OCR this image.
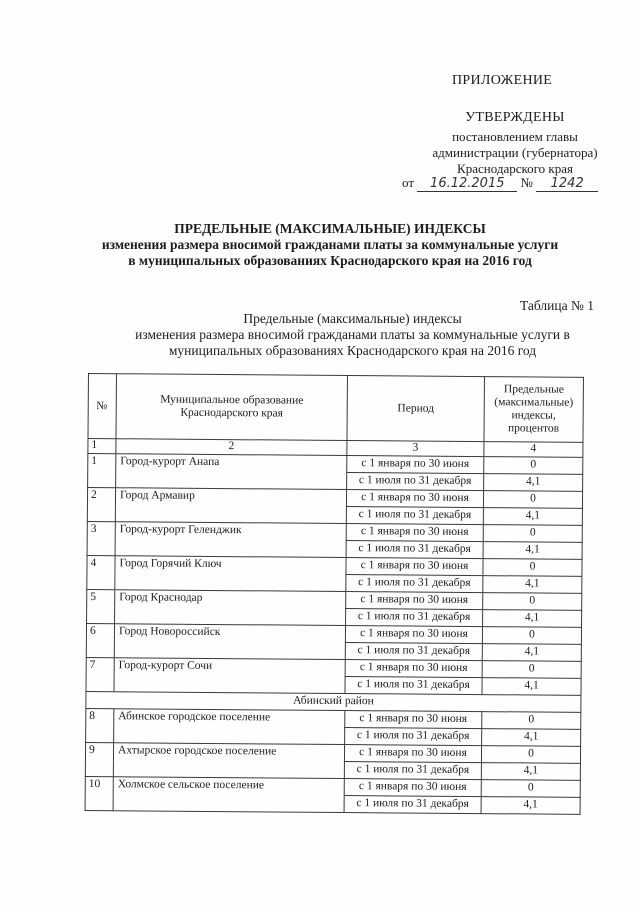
ПРИЛОЖЕНИЕ
УТВЕРЖДЕНЫ
постановлением главы
администрации (губернатора)
Краснодарского края
от 16.12.2015 № 1242
ПРЕДЕЛЬНЫЕ (МАКСИМАЛЬНЫЕ) ИНДЕКСЫ
изменения размера вносимой гражданами платы за коммунальные услуги
в муниципальных образованиях Краснодарского края на 2016 год
Таблица № 1
Предельные (максимальные) индексы
изменения размера вносимой гражданами платы за коммунальные услуги в
муниципальных образованиях Краснодарского края на 2016 год
№	Муниципальное образование Краснодарского края	Период	Предельные (максимальные) индексы, процентов
1	2	3	4
1	Город-курорт Анапа	с 1 января по 30 июня	0
		с 1 июля по 31 декабря	4,1
2	Город Армавир	с 1 января по 30 июня	0
		с 1 июля по 31 декабря	4,1
3	Город-курорт Геленджик	с 1 января по 30 июня	0
		с 1 июля по 31 декабря	4,1
4	Город Горячий Ключ	с 1 января по 30 июня	0
		с 1 июля по 31 декабря	4,1
5	Город Краснодар	с 1 января по 30 июня	0
		с 1 июля по 31 декабря	4,1
6	Город Новороссийск	с 1 января по 30 июня	0
		с 1 июля по 31 декабря	4,1
7	Город-курорт Сочи	с 1 января по 30 июня	0
		с 1 июля по 31 декабря	4,1
Абинский район			
8	Абинское городское поселение	с 1 января по 30 июня	0
		с 1 июля по 31 декабря	4,1
9	Ахтырское городское поселение	с 1 января по 30 июня	0
		с 1 июля по 31 декабря	4,1
10	Холмское сельское поселение	с 1 января по 30 июня	0
		с 1 июля по 31 декабря	4,1
